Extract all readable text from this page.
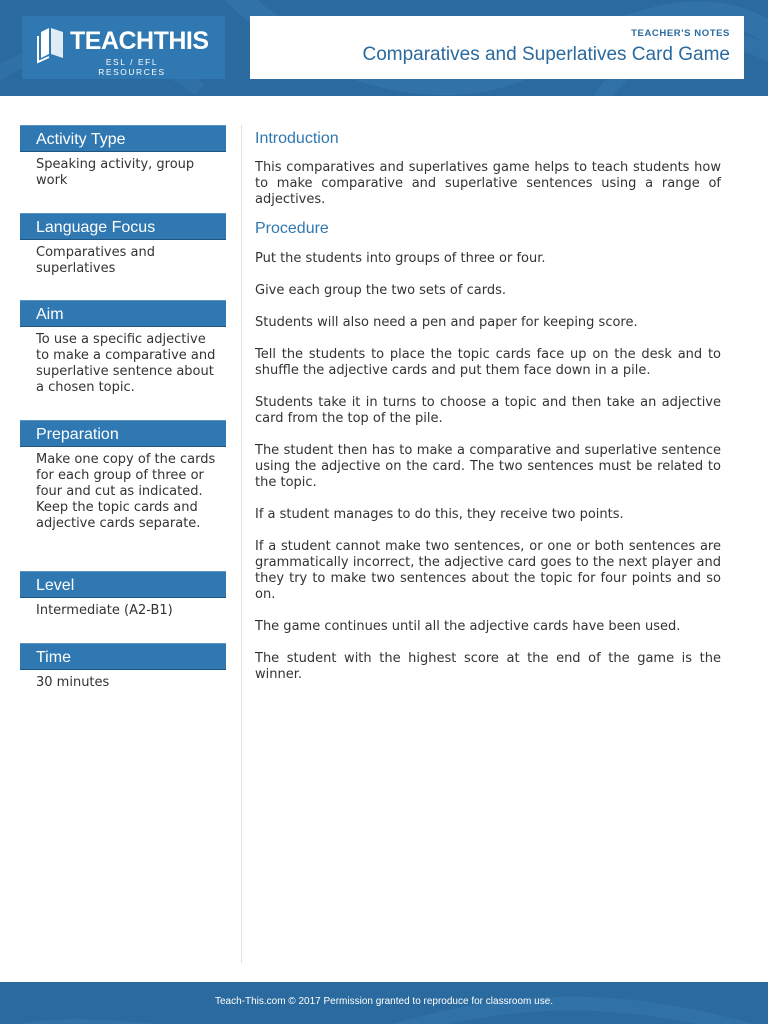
TEACHTHIS
ESL / EFL RESOURCES
TEACHER'S NOTES
Comparatives and Superlatives Card Game
Activity Type
Speaking activity, group work
Language Focus
Comparatives and superlatives
Aim
To use a specific adjective to make a comparative and superlative sentence about a chosen topic.
Preparation
Make one copy of the cards for each group of three or four and cut as indicated. Keep the topic cards and adjective cards separate.
Level
Intermediate (A2-B1)
Time
30 minutes
Introduction
This comparatives and superlatives game helps to teach students how to make comparative and superlative sentences using a range of adjectives.
Procedure
Put the students into groups of three or four.
Give each group the two sets of cards.
Students will also need a pen and paper for keeping score.
Tell the students to place the topic cards face up on the desk and to shuffle the adjective cards and put them face down in a pile.
Students take it in turns to choose a topic and then take an adjective card from the top of the pile.
The student then has to make a comparative and superlative sentence using the adjective on the card. The two sentences must be related to the topic.
If a student manages to do this, they receive two points.
If a student cannot make two sentences, or one or both sentences are grammatically incorrect, the adjective card goes to the next player and they try to make two sentences about the topic for four points and so on.
The game continues until all the adjective cards have been used.
The student with the highest score at the end of the game is the winner.
Teach-This.com © 2017 Permission granted to reproduce for classroom use.
